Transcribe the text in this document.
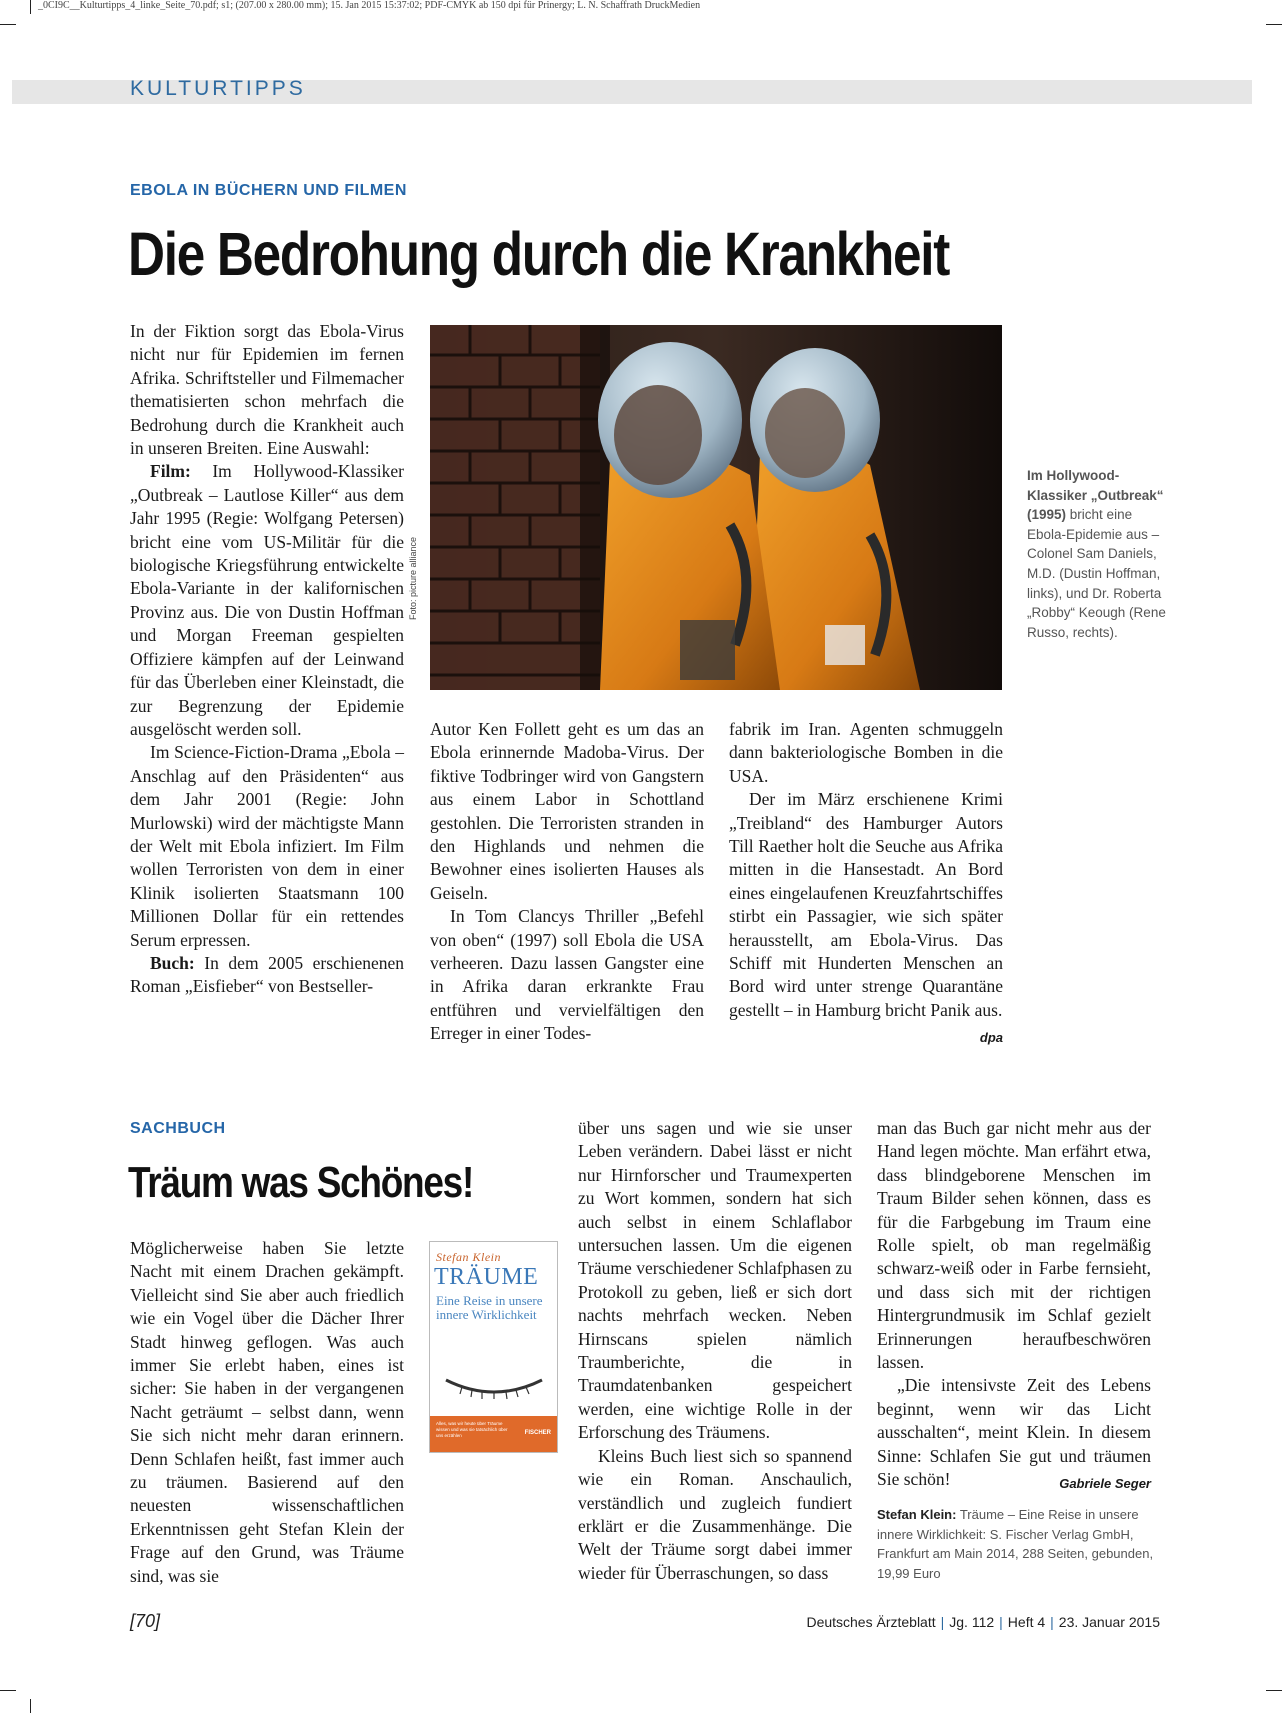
_0CI9C__Kulturtipps_4_linke_Seite_70.pdf; s1; (207.00 x 280.00 mm); 15. Jan 2015 15:37:02; PDF-CMYK ab 150 dpi für Prinergy; L. N. Schaffrath DruckMedien
KULTURTIPPS
EBOLA IN BÜCHERN UND FILMEN
Die Bedrohung durch die Krankheit

In der Fiktion sorgt das Ebola-Virus nicht nur für Epidemien im fernen Afrika. Schriftsteller und Filmemacher thematisierten schon mehrfach die Bedrohung durch die Krankheit auch in unseren Breiten. Eine Auswahl:

Film: Im Hollywood-Klassiker „Outbreak – Lautlose Killer“ aus dem Jahr 1995 (Regie: Wolfgang Petersen) bricht eine vom US-Militär für die biologische Kriegsführung entwickelte Ebola-Variante in der kalifornischen Provinz aus. Die von Dustin Hoffman und Morgan Freeman gespielten Offiziere kämpfen auf der Leinwand für das Überleben einer Kleinstadt, die zur Begrenzung der Epidemie ausgelöscht werden soll.

Im Science-Fiction-Drama „Ebola – Anschlag auf den Präsidenten“ aus dem Jahr 2001 (Regie: John Murlowski) wird der mächtigste Mann der Welt mit Ebola infiziert. Im Film wollen Terroristen von dem in einer Klinik isolierten Staatsmann 100 Millionen Dollar für ein rettendes Serum erpressen.

Buch: In dem 2005 erschienenen Roman „Eisfieber“ von Bestseller-

Foto: picture alliance
Im Hollywood-Klassiker „Outbreak“ (1995) bricht eine Ebola-Epidemie aus – Colonel Sam Daniels, M.D. (Dustin Hoffman, links), und Dr. Roberta „Robby“ Keough (Rene Russo, rechts).

Autor Ken Follett geht es um das an Ebola erinnernde Madoba-Virus. Der fiktive Todbringer wird von Gangstern aus einem Labor in Schottland gestohlen. Die Terroristen stranden in den Highlands und nehmen die Bewohner eines isolierten Hauses als Geiseln.

In Tom Clancys Thriller „Befehl von oben“ (1997) soll Ebola die USA verheeren. Dazu lassen Gangster eine in Afrika daran erkrankte Frau entführen und vervielfältigen den Erreger in einer Todes-

fabrik im Iran. Agenten schmuggeln dann bakteriologische Bomben in die USA.

Der im März erschienene Krimi „Treibland“ des Hamburger Autors Till Raether holt die Seuche aus Afrika mitten in die Hansestadt. An Bord eines eingelaufenen Kreuzfahrtschiffes stirbt ein Passagier, wie sich später herausstellt, am Ebola-Virus. Das Schiff mit Hunderten Menschen an Bord wird unter strenge Quarantäne gestellt – in Hamburg bricht Panik aus.
dpa

SACHBUCH
Träum was Schönes!

Möglicherweise haben Sie letzte Nacht mit einem Drachen gekämpft. Vielleicht sind Sie aber auch friedlich wie ein Vogel über die Dächer Ihrer Stadt hinweg geflogen. Was auch immer Sie erlebt haben, eines ist sicher: Sie haben in der vergangenen Nacht geträumt – selbst dann, wenn Sie sich nicht mehr daran erinnern. Denn Schlafen heißt, fast immer auch zu träumen. Basierend auf den neuesten wissenschaftlichen Erkenntnissen geht Stefan Klein der Frage auf den Grund, was Träume sind, was sie

Stefan Klein
TRÄUME
Eine Reise in unsere innere Wirklichkeit
Alles, was wir heute über Träume wissen und was sie tatsächlich über uns erzählen	FISCHER

über uns sagen und wie sie unser Leben verändern. Dabei lässt er nicht nur Hirnforscher und Traumexperten zu Wort kommen, sondern hat sich auch selbst in einem Schlaflabor untersuchen lassen. Um die eigenen Träume verschiedener Schlafphasen zu Protokoll zu geben, ließ er sich dort nachts mehrfach wecken. Neben Hirnscans spielen nämlich Traumberichte, die in Traumdatenbanken gespeichert werden, eine wichtige Rolle in der Erforschung des Träumens.

Kleins Buch liest sich so spannend wie ein Roman. Anschaulich, verständlich und zugleich fundiert erklärt er die Zusammenhänge. Die Welt der Träume sorgt dabei immer wieder für Überraschungen, so dass

man das Buch gar nicht mehr aus der Hand legen möchte. Man erfährt etwa, dass blindgeborene Menschen im Traum Bilder sehen können, dass es für die Farbgebung im Traum eine Rolle spielt, ob man regelmäßig schwarz-weiß oder in Farbe fernsieht, und dass sich mit der richtigen Hintergrundmusik im Schlaf gezielt Erinnerungen heraufbeschwören lassen.

„Die intensivste Zeit des Lebens beginnt, wenn wir das Licht ausschalten“, meint Klein. In diesem Sinne: Schlafen Sie gut und träumen Sie schön!	Gabriele Seger

Stefan Klein: Träume – Eine Reise in unsere innere Wirklichkeit: S. Fischer Verlag GmbH, Frankfurt am Main 2014, 288 Seiten, gebunden, 19,99 Euro
[70]	Deutsches Ärzteblatt | Jg. 112 | Heft 4 | 23. Januar 2015
